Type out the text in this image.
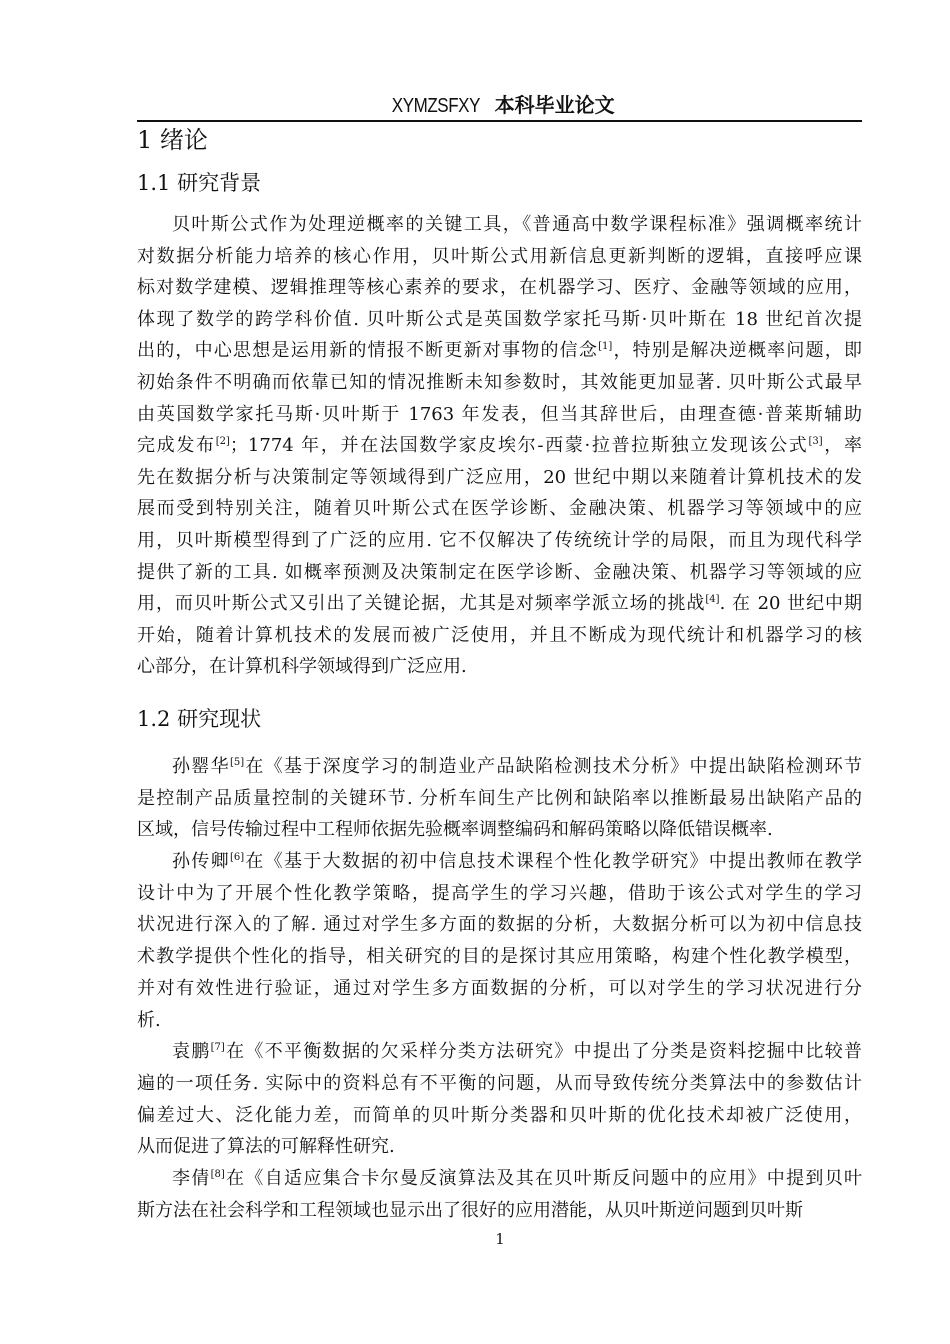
XYMZSFXY 本科毕业论文
1 绪论
1.1 研究背景
贝叶斯公式作为处理逆概率的关键工具，《普通高中数学课程标准》强调概率统计
对数据分析能力培养的核心作用，贝叶斯公式用新信息更新判断的逻辑，直接呼应课
标对数学建模、逻辑推理等核心素养的要求，在机器学习、医疗、金融等领域的应用，
体现了数学的跨学科价值. 贝叶斯公式是英国数学家托马斯·贝叶斯在 18 世纪首次提
出的，中心思想是运用新的情报不断更新对事物的信念[1]，特别是解决逆概率问题，即
初始条件不明确而依靠已知的情况推断未知参数时，其效能更加显著. 贝叶斯公式最早
由英国数学家托马斯·贝叶斯于 1763 年发表，但当其辞世后，由理查德·普莱斯辅助
完成发布[2]；1774 年，并在法国数学家皮埃尔-西蒙·拉普拉斯独立发现该公式[3]，率
先在数据分析与决策制定等领域得到广泛应用，20 世纪中期以来随着计算机技术的发
展而受到特别关注，随着贝叶斯公式在医学诊断、金融决策、机器学习等领域中的应
用，贝叶斯模型得到了广泛的应用. 它不仅解决了传统统计学的局限，而且为现代科学
提供了新的工具. 如概率预测及决策制定在医学诊断、金融决策、机器学习等领域的应
用，而贝叶斯公式又引出了关键论据，尤其是对频率学派立场的挑战[4]. 在 20 世纪中期
开始，随着计算机技术的发展而被广泛使用，并且不断成为现代统计和机器学习的核
心部分，在计算机科学领域得到广泛应用.
1.2 研究现状
孙罂华[5]在《基于深度学习的制造业产品缺陷检测技术分析》中提出缺陷检测环节
是控制产品质量控制的关键环节. 分析车间生产比例和缺陷率以推断最易出缺陷产品的
区域，信号传输过程中工程师依据先验概率调整编码和解码策略以降低错误概率.
孙传卿[6]在《基于大数据的初中信息技术课程个性化教学研究》中提出教师在教学
设计中为了开展个性化教学策略，提高学生的学习兴趣，借助于该公式对学生的学习
状况进行深入的了解. 通过对学生多方面的数据的分析，大数据分析可以为初中信息技
术教学提供个性化的指导，相关研究的目的是探讨其应用策略，构建个性化教学模型，
并对有效性进行验证，通过对学生多方面数据的分析，可以对学生的学习状况进行分
析.
袁鹏[7]在《不平衡数据的欠采样分类方法研究》中提出了分类是资料挖掘中比较普
遍的一项任务. 实际中的资料总有不平衡的问题，从而导致传统分类算法中的参数估计
偏差过大、泛化能力差，而简单的贝叶斯分类器和贝叶斯的优化技术却被广泛使用，
从而促进了算法的可解释性研究.
李倩[8]在《自适应集合卡尔曼反演算法及其在贝叶斯反问题中的应用》中提到贝叶
斯方法在社会科学和工程领域也显示出了很好的应用潜能，从贝叶斯逆问题到贝叶斯
1
